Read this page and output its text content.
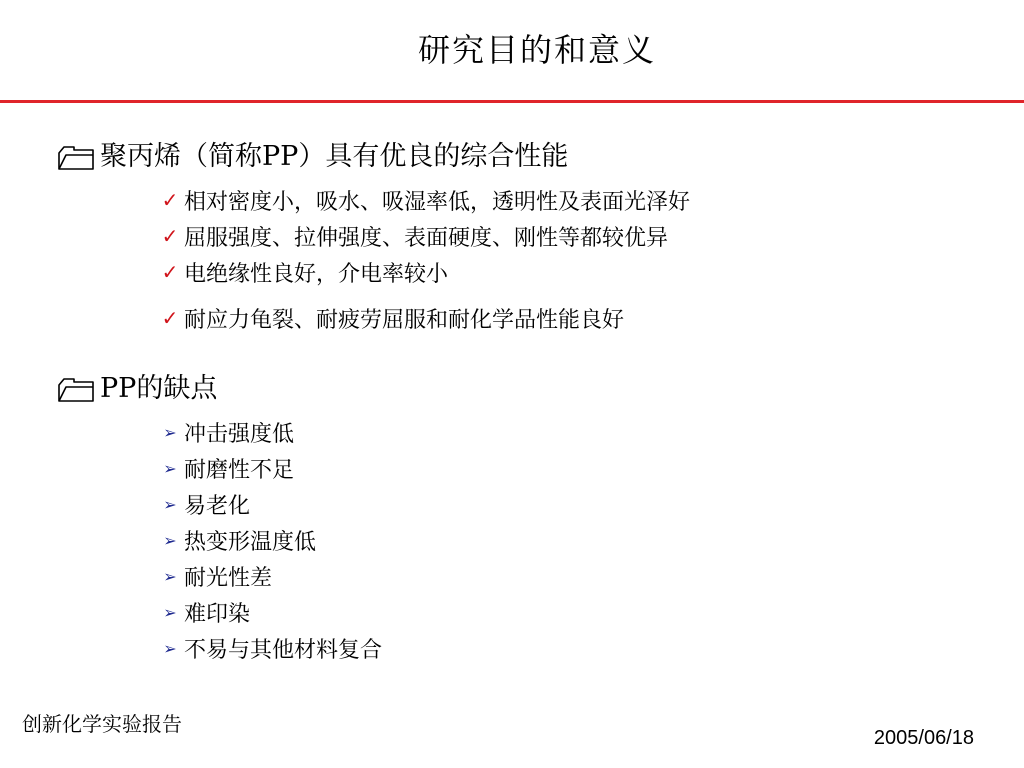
研究目的和意义
聚丙烯（简称PP）具有优良的综合性能
✓ 相对密度小，吸水、吸湿率低，透明性及表面光泽好
✓ 屈服强度、拉伸强度、表面硬度、刚性等都较优异
✓ 电绝缘性良好，介电率较小
✓ 耐应力龟裂、耐疲劳屈服和耐化学品性能良好
PP的缺点
➢ 冲击强度低
➢ 耐磨性不足
➢ 易老化
➢ 热变形温度低
➢ 耐光性差
➢ 难印染
➢ 不易与其他材料复合
创新化学实验报告
2005/06/18
